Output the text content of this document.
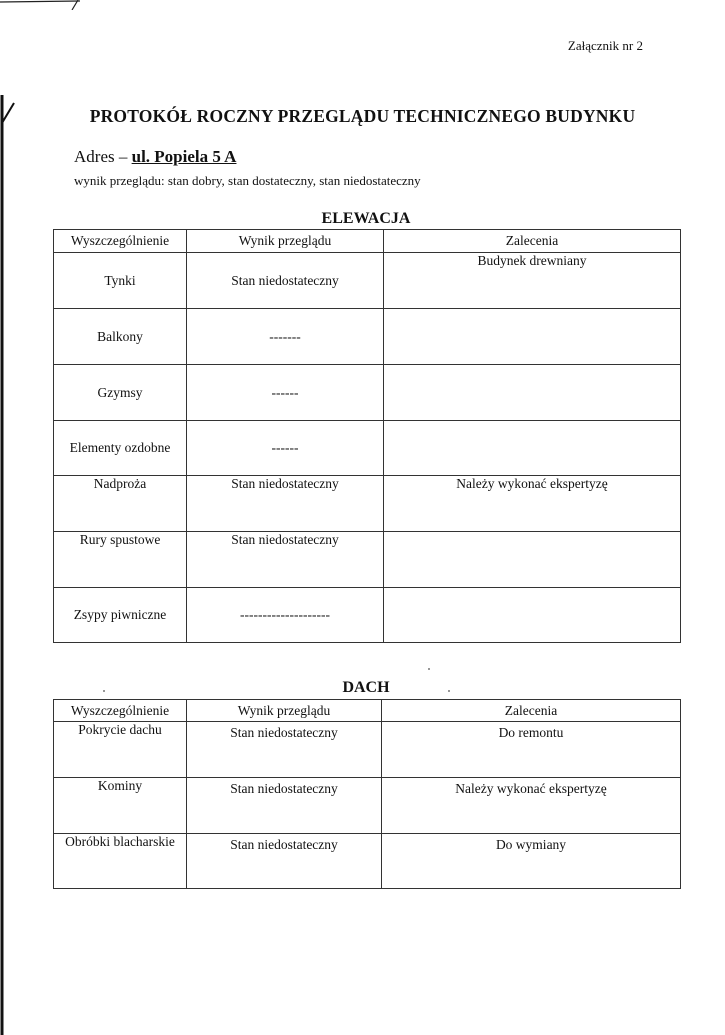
Załącznik nr 2
PROTOKÓŁ ROCZNY PRZEGLĄDU TECHNICZNEGO BUDYNKU
Adres – ul. Popiela 5 A
wynik przeglądu: stan dobry, stan dostateczny, stan niedostateczny
ELEWACJA
Wyszczególnienie	Wynik przeglądu	Zalecenia
Tynki	Stan niedostateczny	Budynek drewniany
Balkony	-------	
Gzymsy	------	
Elementy ozdobne	------	
Nadproża	Stan niedostateczny	Należy wykonać ekspertyzę
Rury spustowe	Stan niedostateczny	
Zsypy piwniczne	--------------------	
DACH
Wyszczególnienie	Wynik przeglądu	Zalecenia
Pokrycie dachu	Stan niedostateczny	Do remontu
Kominy	Stan niedostateczny	Należy wykonać ekspertyzę
Obróbki blacharskie	Stan niedostateczny	Do wymiany
